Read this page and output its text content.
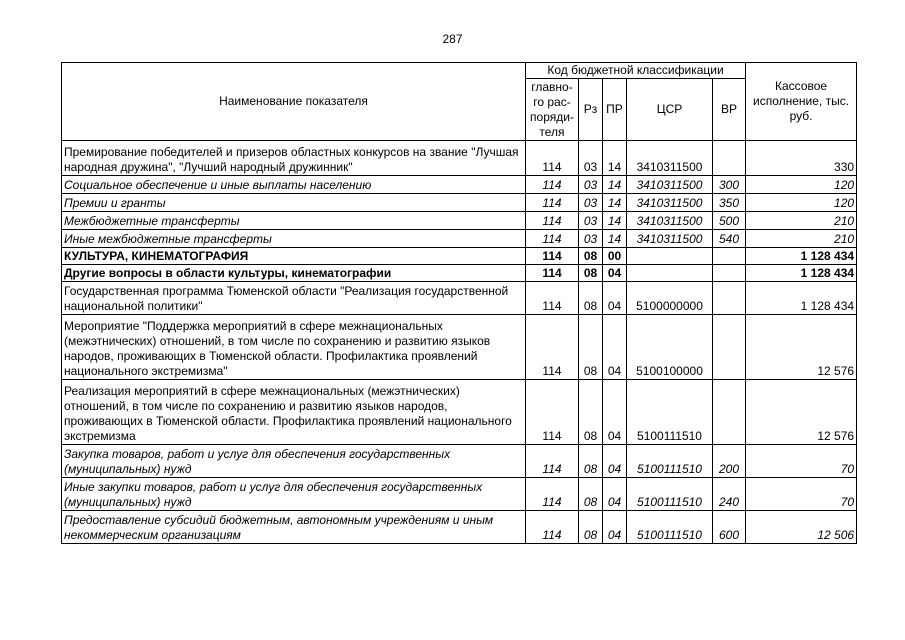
287
Наименование показателя	Код бюджетной классификации					Кассовое исполнение, тыс. руб.
	главно-го рас-поряди-теля	Рз	ПР	ЦСР	ВР	
Премирование победителей и призеров областных конкурсов на звание "Лучшая народная дружина", "Лучший народный дружинник"	114	03	14	3410311500		330
Социальное обеспечение и иные выплаты населению	114	03	14	3410311500	300	120
Премии и гранты	114	03	14	3410311500	350	120
Межбюджетные трансферты	114	03	14	3410311500	500	210
Иные межбюджетные трансферты	114	03	14	3410311500	540	210
КУЛЬТУРА, КИНЕМАТОГРАФИЯ	114	08	00			1 128 434
Другие вопросы в области культуры, кинематографии	114	08	04			1 128 434
Государственная программа Тюменской области "Реализация государственной национальной политики"	114	08	04	5100000000		1 128 434
Мероприятие "Поддержка мероприятий в сфере межнациональных (межэтнических) отношений, в том числе по сохранению и развитию языков народов, проживающих в Тюменской области. Профилактика проявлений национального экстремизма"	114	08	04	5100100000		12 576
Реализация мероприятий в сфере межнациональных (межэтнических) отношений, в том числе по сохранению и развитию языков народов, проживающих в Тюменской области. Профилактика проявлений национального экстремизма	114	08	04	5100111510		12 576
Закупка товаров, работ и услуг для обеспечения государственных (муниципальных) нужд	114	08	04	5100111510	200	70
Иные закупки товаров, работ и услуг для обеспечения государственных (муниципальных) нужд	114	08	04	5100111510	240	70
Предоставление субсидий бюджетным, автономным учреждениям и иным некоммерческим организациям	114	08	04	5100111510	600	12 506
